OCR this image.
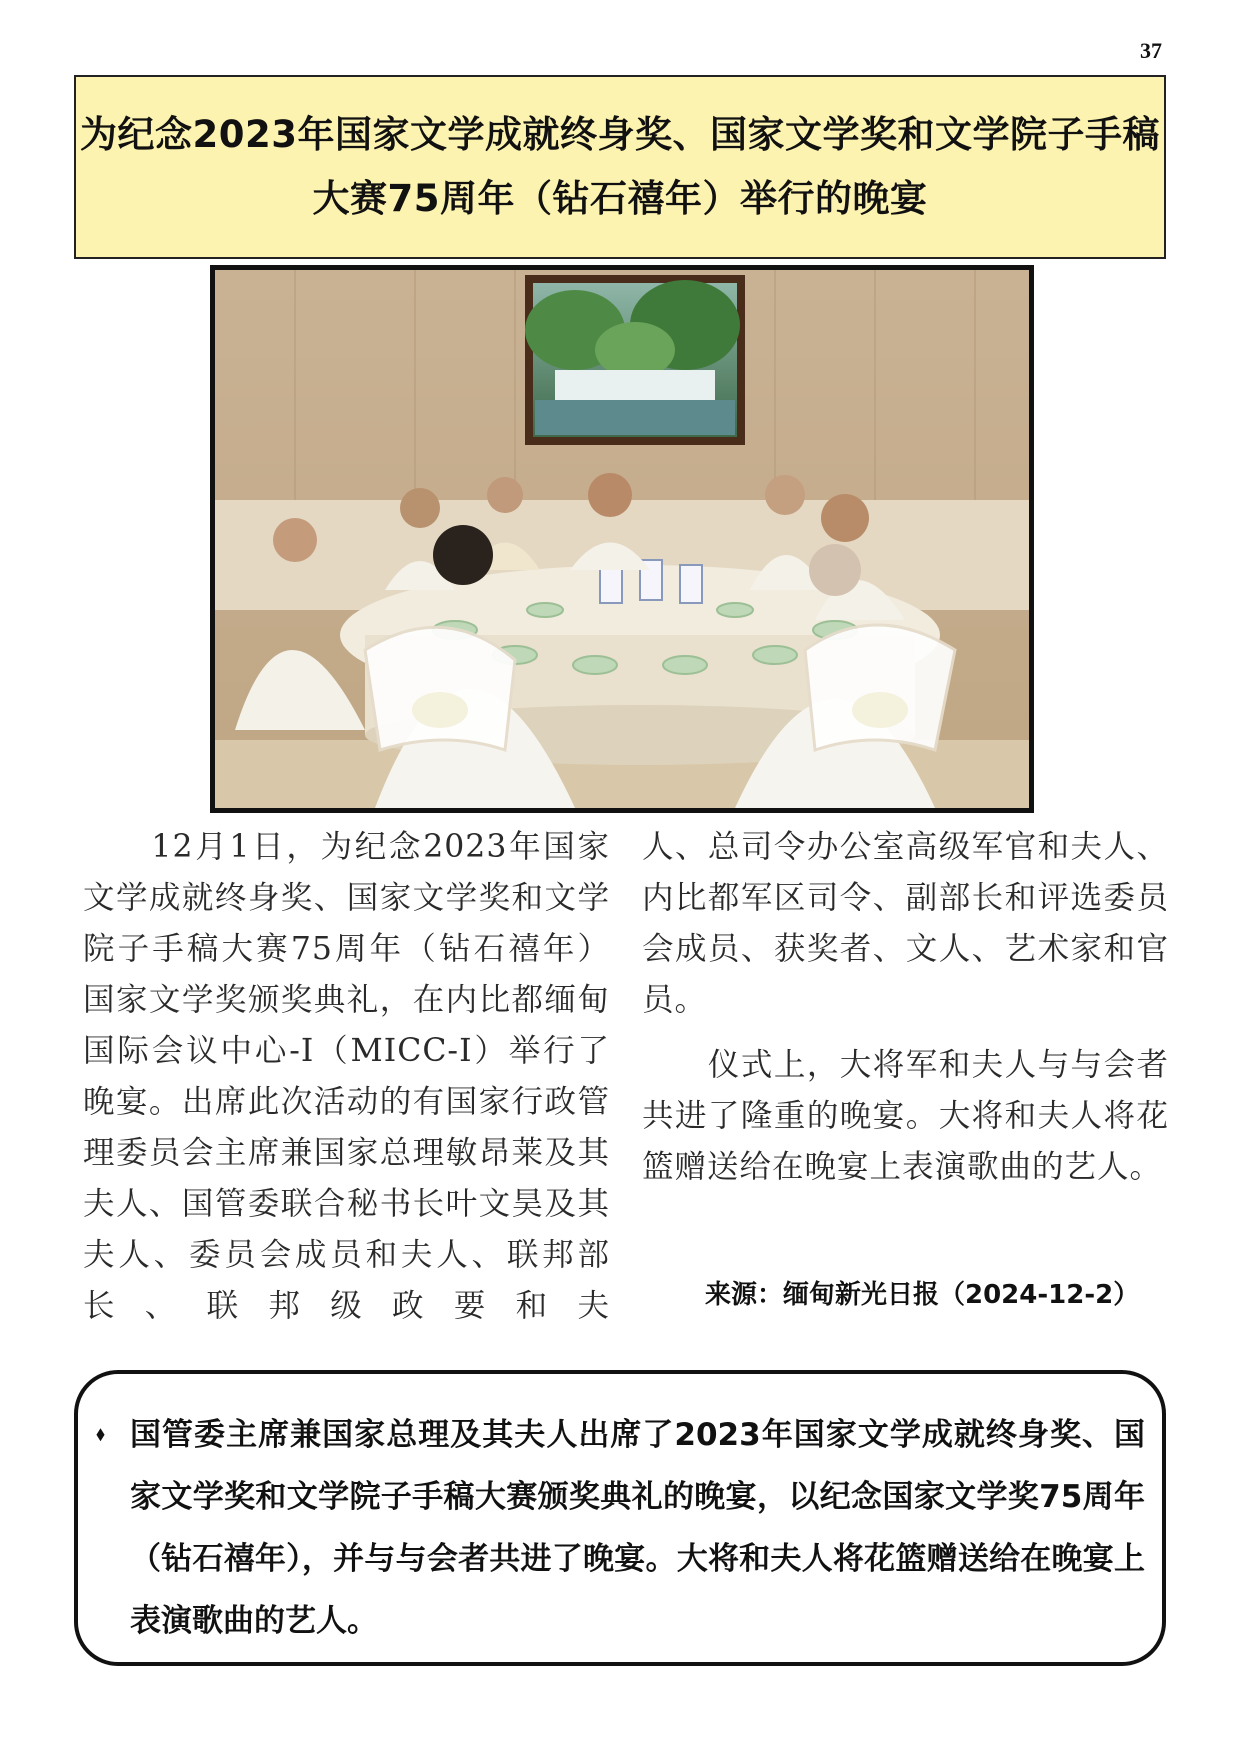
37
为纪念2023年国家文学成就终身奖、国家文学奖和文学院子手稿
大赛75周年（钻石禧年）举行的晚宴

　　12月1日，为纪念2023年国家文学成就终身奖、国家文学奖和文学院子手稿大赛75周年（钻石禧年）国家文学奖颁奖典礼，在内比都缅甸国际会议中心-I（MICC-I）举行了晚宴。出席此次活动的有国家行政管理委员会主席兼国家总理敏昂莱及其夫人、国管委联合秘书长叶文昊及其夫人、委员会成员和夫人、联邦部长、联邦级政要和夫

人、总司令办公室高级军官和夫人、内比都军区司令、副部长和评选委员会成员、获奖者、文人、艺术家和官员。

　　仪式上，大将军和夫人与与会者共进了隆重的晚宴。大将和夫人将花篮赠送给在晚宴上表演歌曲的艺人。

来源：缅甸新光日报（2024-12-2）
⬧ 国管委主席兼国家总理及其夫人出席了2023年国家文学成就终身奖、国家文学奖和文学院子手稿大赛颁奖典礼的晚宴，以纪念国家文学奖75周年（钻石禧年），并与与会者共进了晚宴。大将和夫人将花篮赠送给在晚宴上表演歌曲的艺人。
